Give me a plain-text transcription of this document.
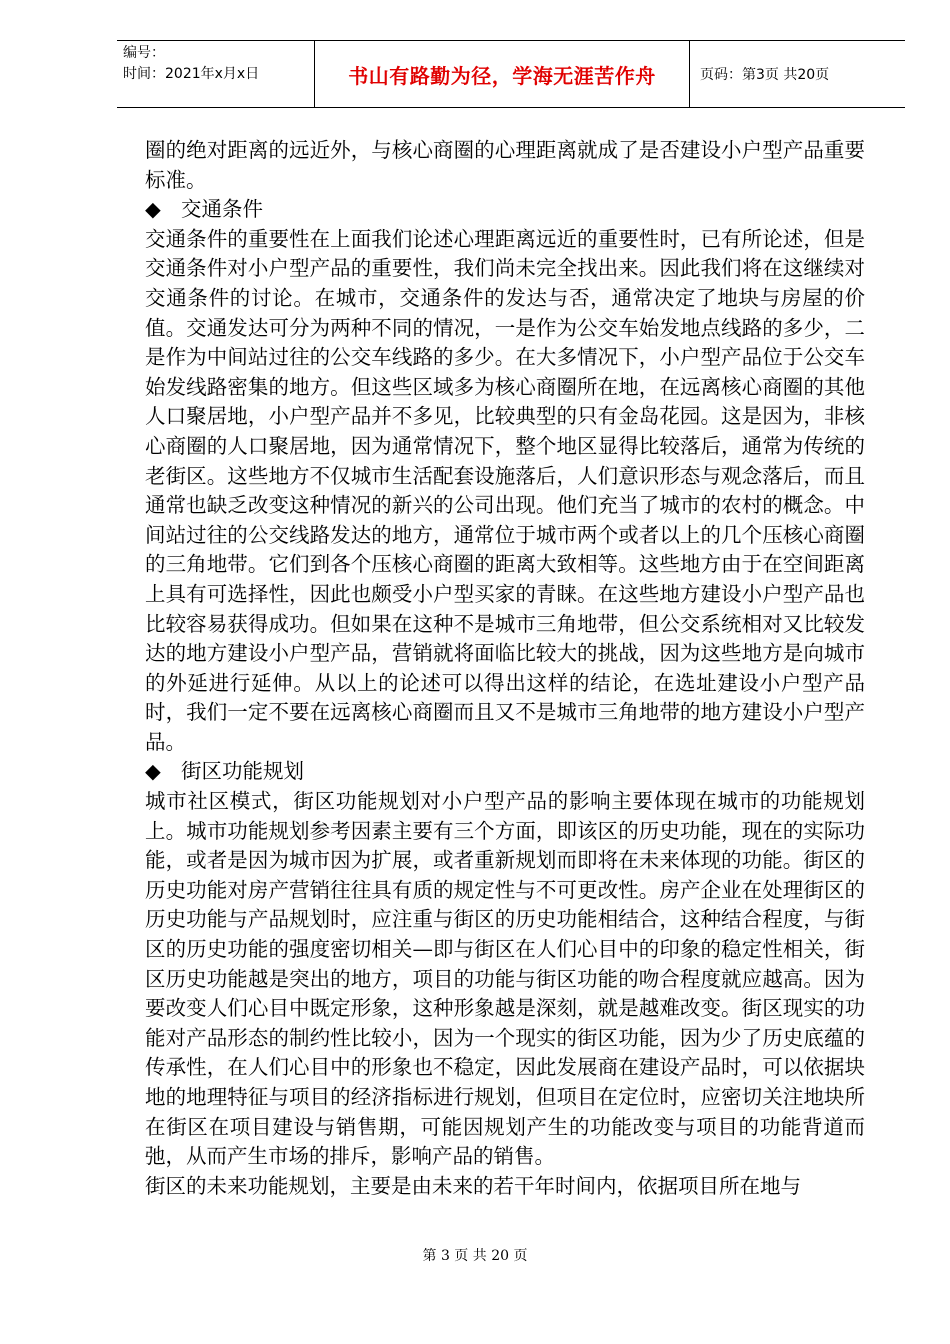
编号：
时间：2021年x月x日	书山有路勤为径，学海无涯苦作舟	页码：第3页 共20页

圈的绝对距离的远近外，与核心商圈的心理距离就成了是否建设小户型产品重要标准。

◆ 交通条件

交通条件的重要性在上面我们论述心理距离远近的重要性时，已有所论述，但是交通条件对小户型产品的重要性，我们尚未完全找出来。因此我们将在这继续对交通条件的讨论。在城市，交通条件的发达与否，通常决定了地块与房屋的价值。交通发达可分为两种不同的情况，一是作为公交车始发地点线路的多少，二是作为中间站过往的公交车线路的多少。在大多情况下，小户型产品位于公交车始发线路密集的地方。但这些区域多为核心商圈所在地，在远离核心商圈的其他人口聚居地，小户型产品并不多见，比较典型的只有金岛花园。这是因为，非核心商圈的人口聚居地，因为通常情况下，整个地区显得比较落后，通常为传统的老街区。这些地方不仅城市生活配套设施落后，人们意识形态与观念落后，而且通常也缺乏改变这种情况的新兴的公司出现。他们充当了城市的农村的概念。中间站过往的公交线路发达的地方，通常位于城市两个或者以上的几个压核心商圈的三角地带。它们到各个压核心商圈的距离大致相等。这些地方由于在空间距离上具有可选择性，因此也颇受小户型买家的青睐。在这些地方建设小户型产品也比较容易获得成功。但如果在这种不是城市三角地带，但公交系统相对又比较发达的地方建设小户型产品，营销就将面临比较大的挑战，因为这些地方是向城市的外延进行延伸。从以上的论述可以得出这样的结论，在选址建设小户型产品时，我们一定不要在远离核心商圈而且又不是城市三角地带的地方建设小户型产品。

◆ 街区功能规划

城市社区模式，街区功能规划对小户型产品的影响主要体现在城市的功能规划上。城市功能规划参考因素主要有三个方面，即该区的历史功能，现在的实际功能，或者是因为城市因为扩展，或者重新规划而即将在未来体现的功能。街区的历史功能对房产营销往往具有质的规定性与不可更改性。房产企业在处理街区的历史功能与产品规划时，应注重与街区的历史功能相结合，这种结合程度，与街区的历史功能的强度密切相关—即与街区在人们心目中的印象的稳定性相关，街区历史功能越是突出的地方，项目的功能与街区功能的吻合程度就应越高。因为要改变人们心目中既定形象，这种形象越是深刻，就是越难改变。街区现实的功能对产品形态的制约性比较小，因为一个现实的街区功能，因为少了历史底蕴的传承性，在人们心目中的形象也不稳定，因此发展商在建设产品时，可以依据块地的地理特征与项目的经济指标进行规划，但项目在定位时，应密切关注地块所在街区在项目建设与销售期，可能因规划产生的功能改变与项目的功能背道而弛，从而产生市场的排斥，影响产品的销售。

街区的未来功能规划，主要是由未来的若干年时间内，依据项目所在地与

第 3 页 共 20 页
